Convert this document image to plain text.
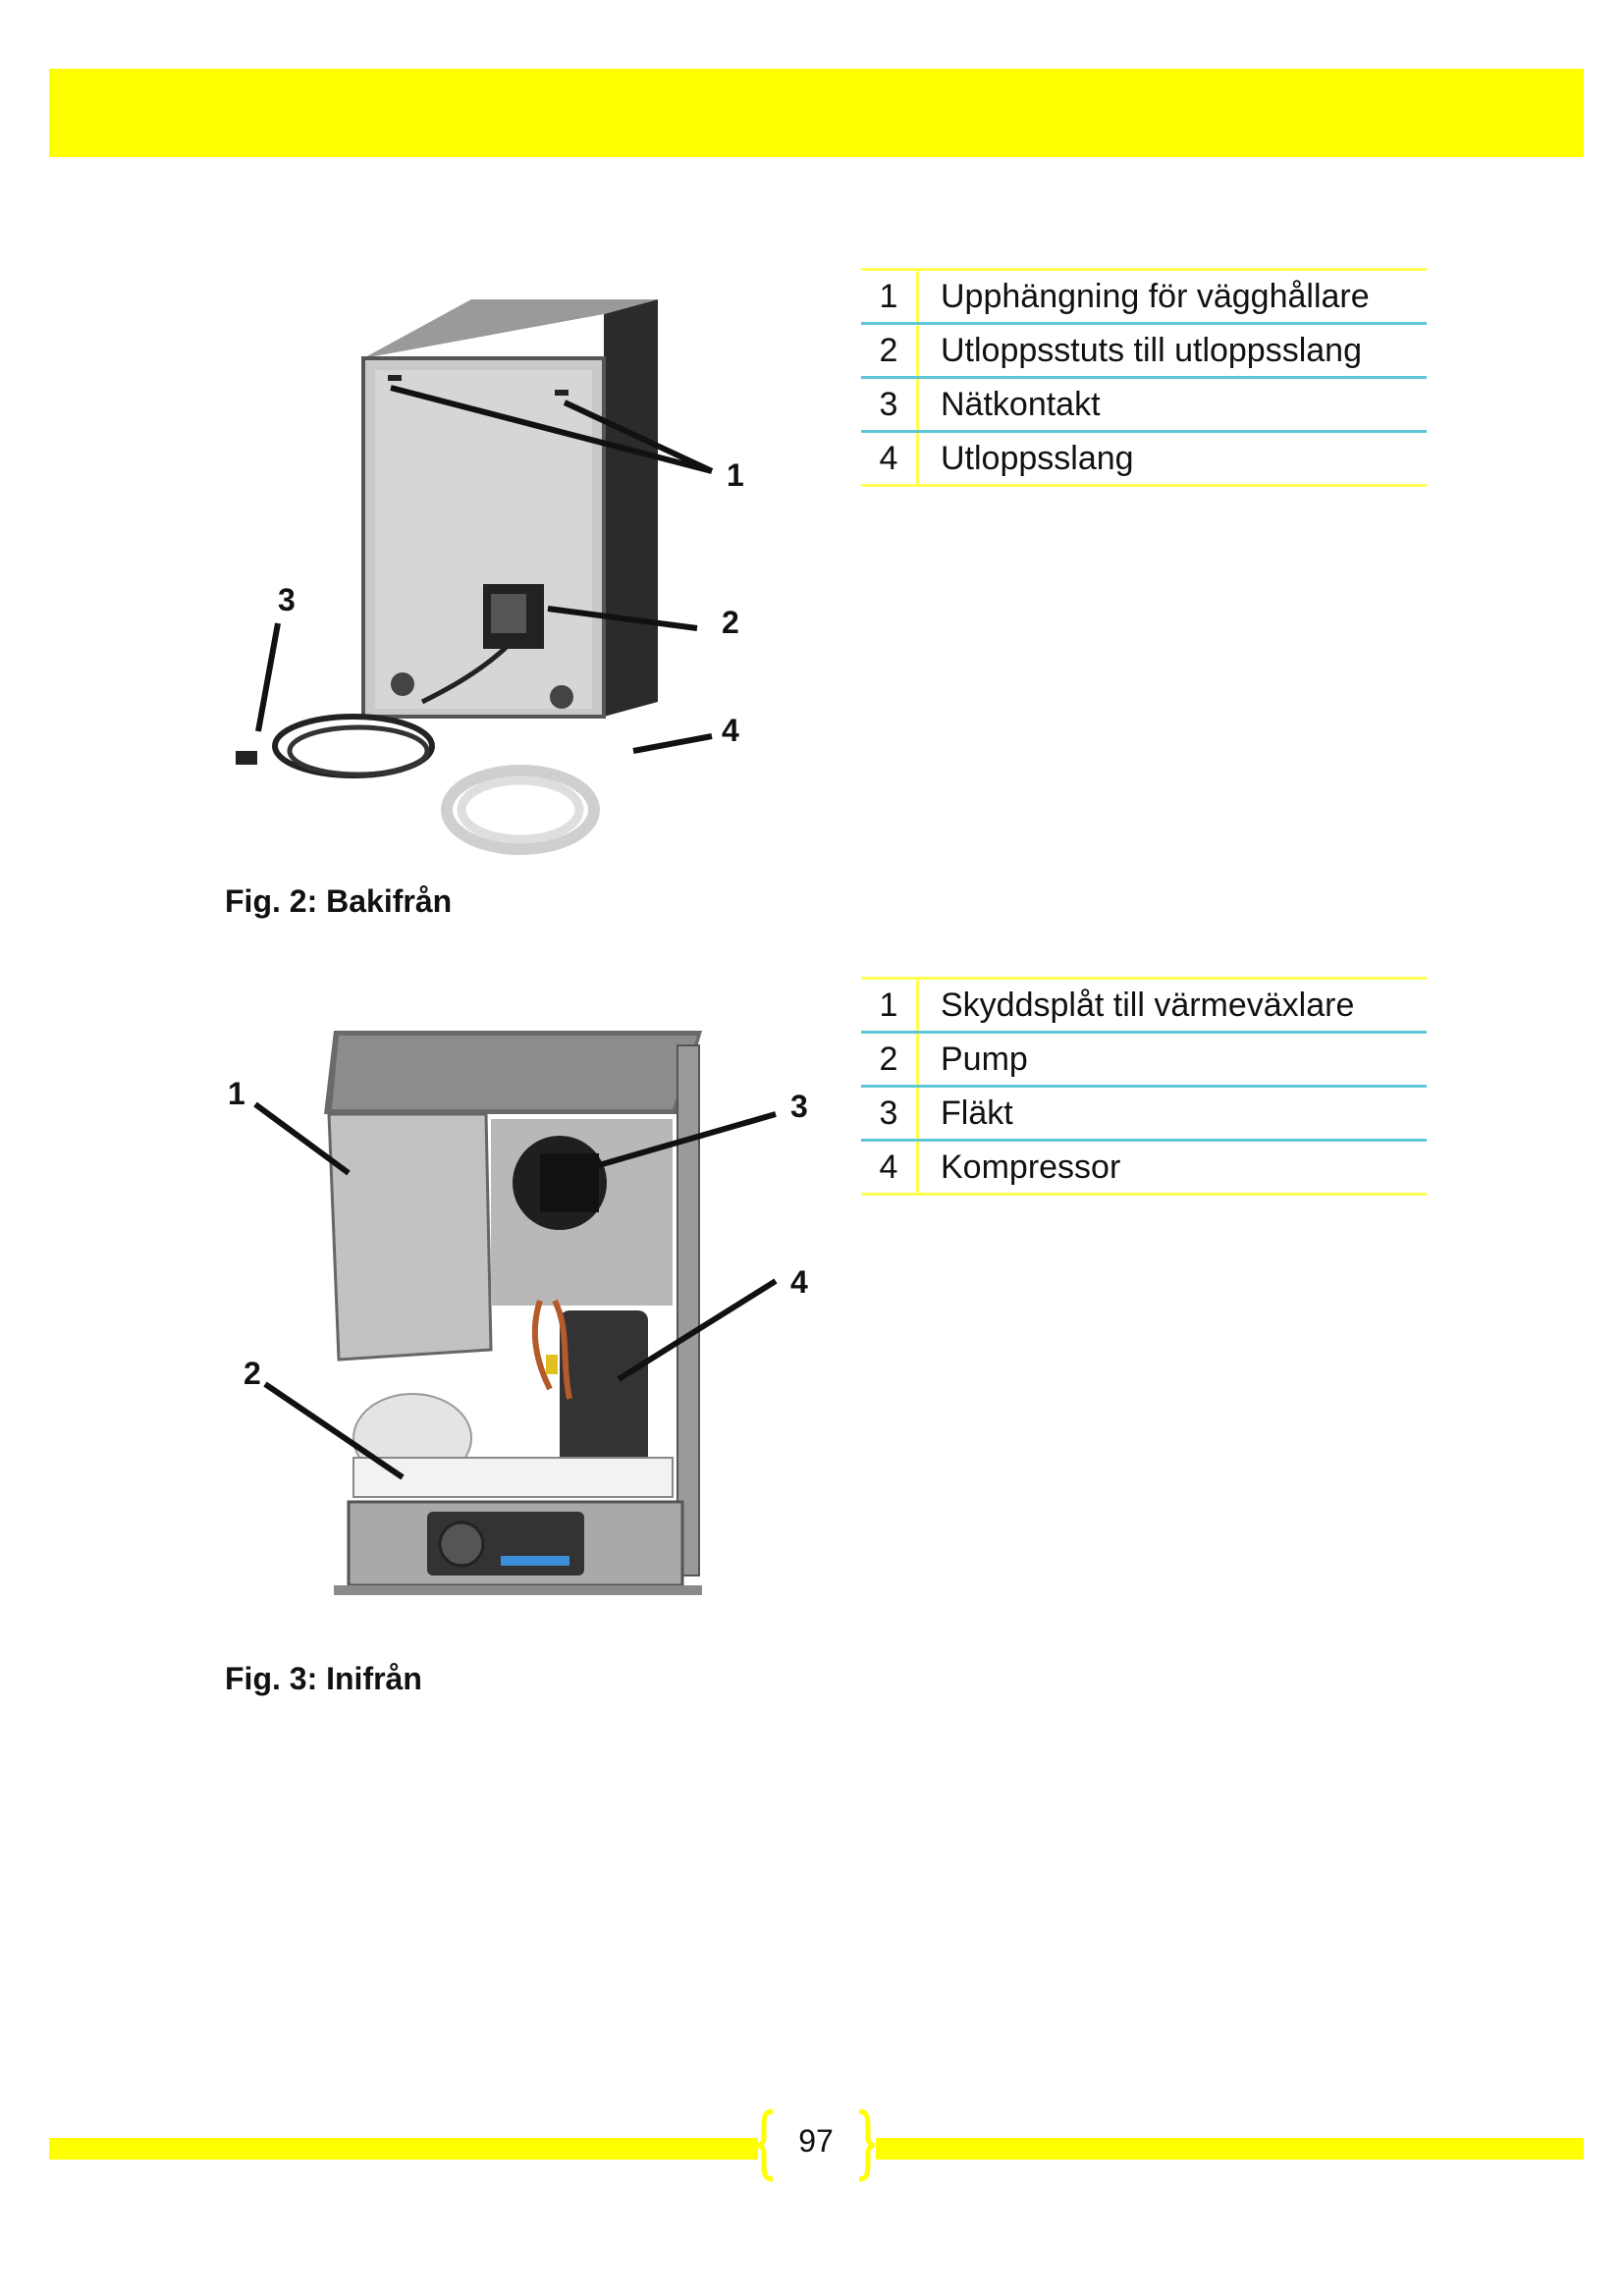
1
2
3
4
Fig. 2: Bakifrån
1	Upphängning för vägghållare
2	Utloppsstuts till utloppsslang
3	Nätkontakt
4	Utloppsslang
1
2
3
4
Fig. 3: Inifrån
1	Skyddsplåt till värmeväxlare
2	Pump
3	Fläkt
4	Kompressor
97
